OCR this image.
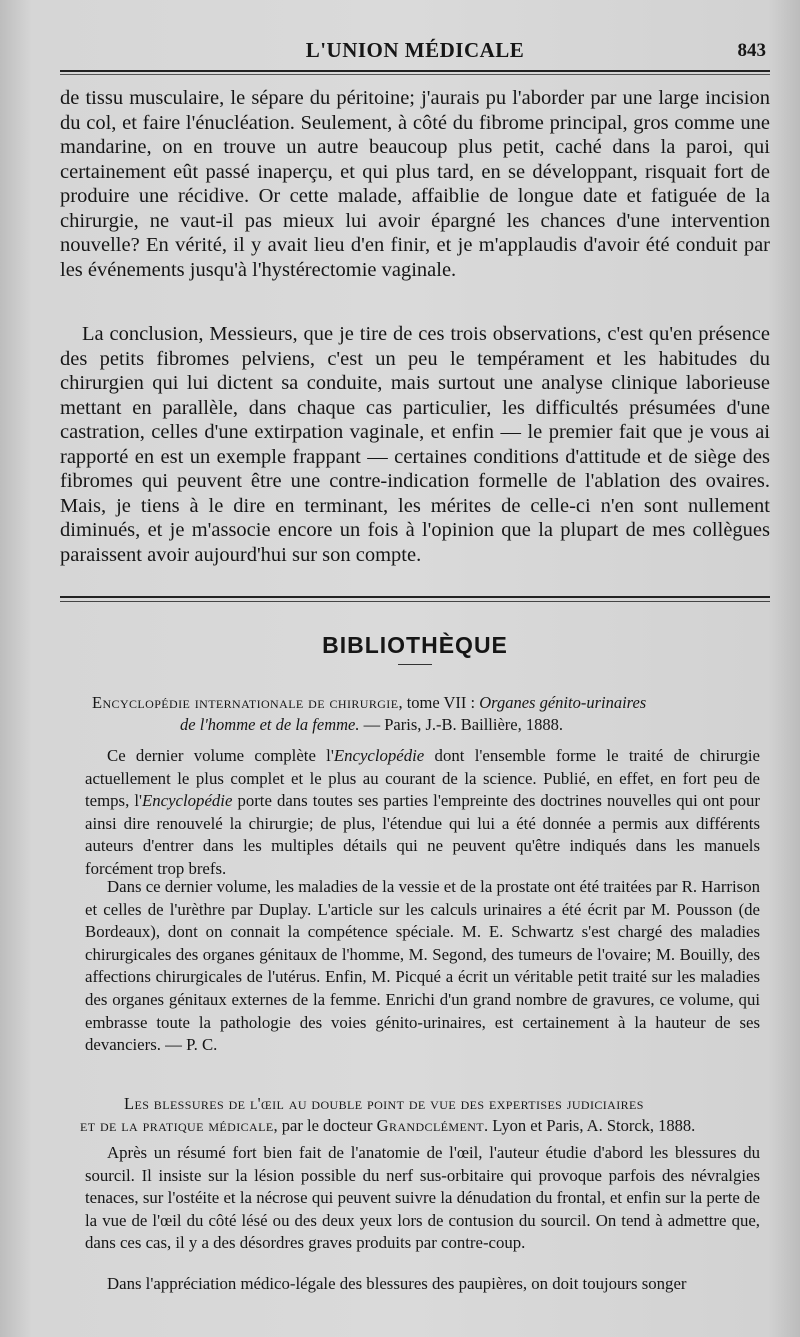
L'UNION MÉDICALE	843

de tissu musculaire, le sépare du péritoine; j'aurais pu l'aborder par une large incision du col, et faire l'énucléation. Seulement, à côté du fibrome principal, gros comme une mandarine, on en trouve un autre beaucoup plus petit, caché dans la paroi, qui certainement eût passé inaperçu, et qui plus tard, en se développant, risquait fort de produire une récidive. Or cette malade, affaiblie de longue date et fatiguée de la chirurgie, ne vaut-il pas mieux lui avoir épargné les chances d'une intervention nouvelle? En vérité, il y avait lieu d'en finir, et je m'applaudis d'avoir été conduit par les événements jusqu'à l'hystérectomie vaginale.

La conclusion, Messieurs, que je tire de ces trois observations, c'est qu'en présence des petits fibromes pelviens, c'est un peu le tempérament et les habitudes du chirurgien qui lui dictent sa conduite, mais surtout une analyse clinique laborieuse mettant en parallèle, dans chaque cas particulier, les difficultés présumées d'une castration, celles d'une extirpation vaginale, et enfin — le premier fait que je vous ai rapporté en est un exemple frappant — certaines conditions d'attitude et de siège des fibromes qui peuvent être une contre-indication formelle de l'ablation des ovaires. Mais, je tiens à le dire en terminant, les mérites de celle-ci n'en sont nullement diminués, et je m'associe encore un fois à l'opinion que la plupart de mes collègues paraissent avoir aujourd'hui sur son compte.

BIBLIOTHÈQUE

Encyclopédie internationale de chirurgie, tome VII : Organes génito-urinaires
de l'homme et de la femme. — Paris, J.-B. Baillière, 1888.

Ce dernier volume complète l'Encyclopédie dont l'ensemble forme le traité de chirurgie actuellement le plus complet et le plus au courant de la science. Publié, en effet, en fort peu de temps, l'Encyclopédie porte dans toutes ses parties l'empreinte des doctrines nouvelles qui ont pour ainsi dire renouvelé la chirurgie; de plus, l'étendue qui lui a été donnée a permis aux différents auteurs d'entrer dans les multiples détails qui ne peuvent qu'être indiqués dans les manuels forcément trop brefs.

Dans ce dernier volume, les maladies de la vessie et de la prostate ont été traitées par R. Harrison et celles de l'urèthre par Duplay. L'article sur les calculs urinaires a été écrit par M. Pousson (de Bordeaux), dont on connait la compétence spéciale. M. E. Schwartz s'est chargé des maladies chirurgicales des organes génitaux de l'homme, M. Segond, des tumeurs de l'ovaire; M. Bouilly, des affections chirurgicales de l'utérus. Enfin, M. Picqué a écrit un véritable petit traité sur les maladies des organes génitaux externes de la femme. Enrichi d'un grand nombre de gravures, ce volume, qui embrasse toute la pathologie des voies génito-urinaires, est certainement à la hauteur de ses devanciers. — P. C.

Les blessures de l'œil au double point de vue des expertises judiciaires
et de la pratique médicale, par le docteur Grandclément. Lyon et Paris, A. Storck, 1888.

Après un résumé fort bien fait de l'anatomie de l'œil, l'auteur étudie d'abord les blessures du sourcil. Il insiste sur la lésion possible du nerf sus-orbitaire qui provoque parfois des névralgies tenaces, sur l'ostéite et la nécrose qui peuvent suivre la dénudation du frontal, et enfin sur la perte de la vue de l'œil du côté lésé ou des deux yeux lors de contusion du sourcil. On tend à admettre que, dans ces cas, il y a des désordres graves produits par contre-coup.

Dans l'appréciation médico-légale des blessures des paupières, on doit toujours songer
